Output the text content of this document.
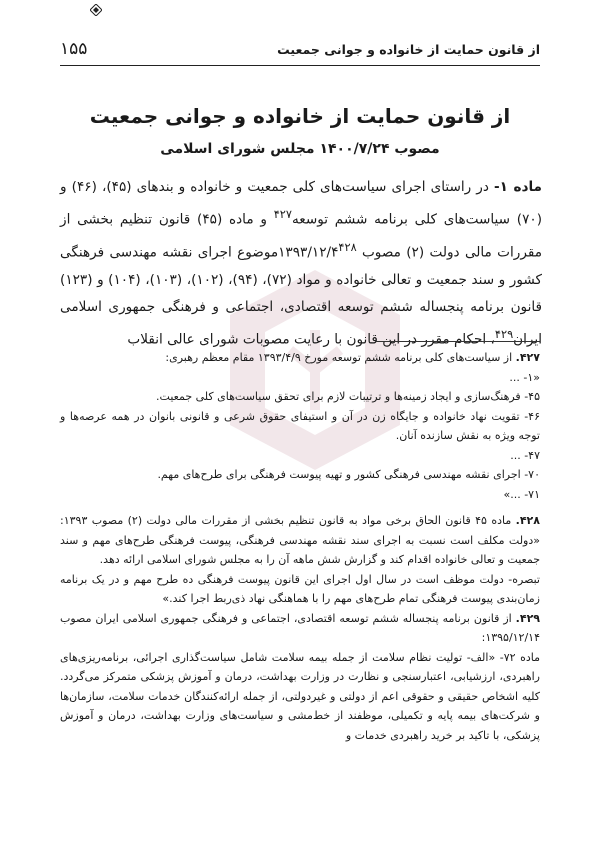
از قانون حمایت از خانواده و جوانی جمعیت
۱۵۵
از قانون حمایت از خانواده و جوانی جمعیت
مصوب ۱۴۰۰/۷/۲۴ مجلس شورای اسلامی
ماده ۱- در راستای اجرای سیاست‌های کلی جمعیت و خانواده و بندهای (۴۵)، (۴۶) و (۷۰) سیاست‌های کلی برنامه ششم توسعه$^{۴۲۷}$ و ماده (۴۵) قانون تنظیم بخشی از مقررات مالی دولت (۲) مصوب $۱۳۹۳/۱۲/۴^{۴۲۸}موضوع$ اجرای نقشه مهندسی فرهنگی کشور و سند جمعیت و تعالی خانواده و مواد (۷۲)، (۹۴)، (۱۰۲)، (۱۰۳)، (۱۰۴) و (۱۲۳) قانون برنامه پنجساله ششم توسعه اقتصادی، اجتماعی و فرهنگی جمهوری اسلامی ایران$^{۴۲۹}$، احکام مقرر در این قانون با رعایت مصوبات شورای عالی انقلاب

۴۲۷. از سیاست‌های کلی برنامه ششم توسعه مورخ ۱۳۹۳/۴/۹ مقام معظم رهبری:

«۱- ...

۴۵- فرهنگ‌سازی و ایجاد زمینه‌ها و ترتیبات لازم برای تحقق سیاست‌های کلی جمعیت.

۴۶- تقویت نهاد خانواده و جایگاه زن در آن و استیفای حقوق شرعی و قانونی بانوان در همه عرصه‌ها و توجه ویژه به نقش سازنده آنان.

۴۷- ...

۷۰- اجرای نقشه مهندسی فرهنگی کشور و تهیه پیوست فرهنگی برای طرح‌های مهم.

۷۱- ...»

۴۲۸. ماده ۴۵ قانون الحاق برخی مواد به قانون تنظیم بخشی از مقررات مالی دولت (۲) مصوب ۱۳۹۳: «دولت مکلف است نسبت به اجرای سند نقشه مهندسی فرهنگی، پیوست فرهنگی طرح‌های مهم و سند جمعیت و تعالی خانواده اقدام کند و گزارش شش ماهه آن را به مجلس شورای اسلامی ارائه دهد.

تبصره- دولت موظف است در سال اول اجرای این قانون پیوست فرهنگی ده طرح مهم و در یک برنامه زمان‌بندی پیوست فرهنگی تمام طرح‌های مهم را با هماهنگی نهاد ذی‌ربط اجرا کند.»

۴۲۹. از قانون برنامه پنجساله ششم توسعه اقتصادی، اجتماعی و فرهنگی جمهوری اسلامی ایران مصوب ۱۳۹۵/۱۲/۱۴:

ماده ۷۲- «الف- تولیت نظام سلامت از جمله بیمه سلامت شامل سیاست‌گذاری اجرائی، برنامه‌ریزی‌های راهبردی، ارزشیابی، اعتبارسنجی و نظارت در وزارت بهداشت، درمان و آموزش پزشکی متمرکز می‌گردد. کلیه اشخاص حقیقی و حقوقی اعم از دولتی و غیردولتی، از جمله ارائه‌کنندگان خدمات سلامت، سازمان‌ها و شرکت‌های بیمه پایه و تکمیلی، موظفند از خط‌مشی و سیاست‌های وزارت بهداشت، درمان و آموزش پزشکی، با تاکید بر خرید راهبردی خدمات و
